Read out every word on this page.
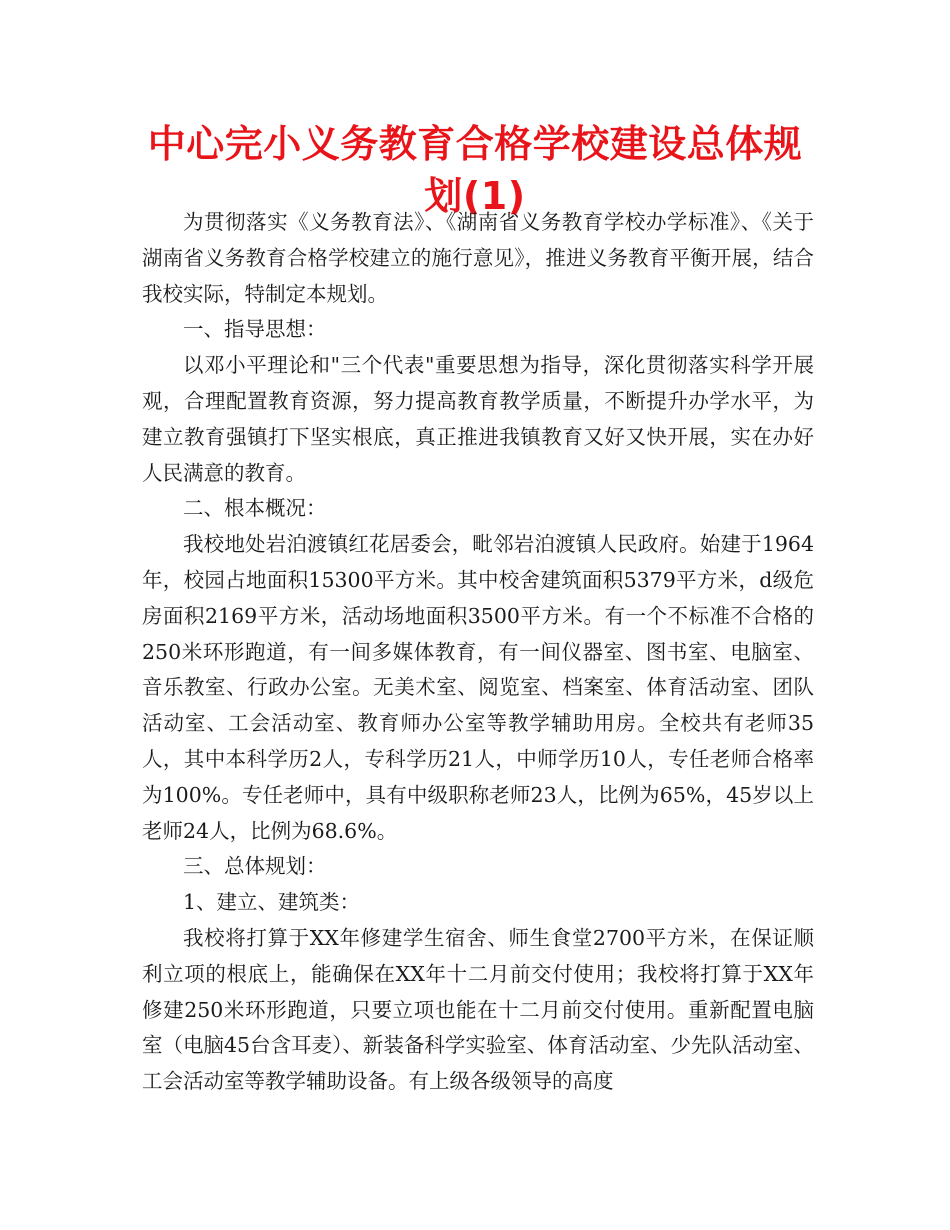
中心完小义务教育合格学校建设总体规划(1)

为贯彻落实《义务教育法》、《湖南省义务教育学校办学标准》、《关于湖南省义务教育合格学校建立的施行意见》，推进义务教育平衡开展，结合我校实际，特制定本规划。

一、指导思想：

以邓小平理论和"三个代表"重要思想为指导，深化贯彻落实科学开展观，合理配置教育资源，努力提高教育教学质量，不断提升办学水平，为建立教育强镇打下坚实根底，真正推进我镇教育又好又快开展，实在办好人民满意的教育。

二、根本概况：

我校地处岩泊渡镇红花居委会，毗邻岩泊渡镇人民政府。始建于1964年，校园占地面积15300平方米。其中校舍建筑面积5379平方米，d级危房面积2169平方米，活动场地面积3500平方米。有一个不标准不合格的250米环形跑道，有一间多媒体教育，有一间仪器室、图书室、电脑室、音乐教室、行政办公室。无美术室、阅览室、档案室、体育活动室、团队活动室、工会活动室、教育师办公室等教学辅助用房。全校共有老师35人，其中本科学历2人，专科学历21人，中师学历10人，专任老师合格率为100%。专任老师中，具有中级职称老师23人，比例为65%，45岁以上老师24人，比例为68.6%。

三、总体规划：

1、建立、建筑类：

我校将打算于XX年修建学生宿舍、师生食堂2700平方米，在保证顺利立项的根底上，能确保在XX年十二月前交付使用；我校将打算于XX年修建250米环形跑道，只要立项也能在十二月前交付使用。重新配置电脑室（电脑45台含耳麦）、新装备科学实验室、体育活动室、少先队活动室、工会活动室等教学辅助设备。有上级各级领导的高度
